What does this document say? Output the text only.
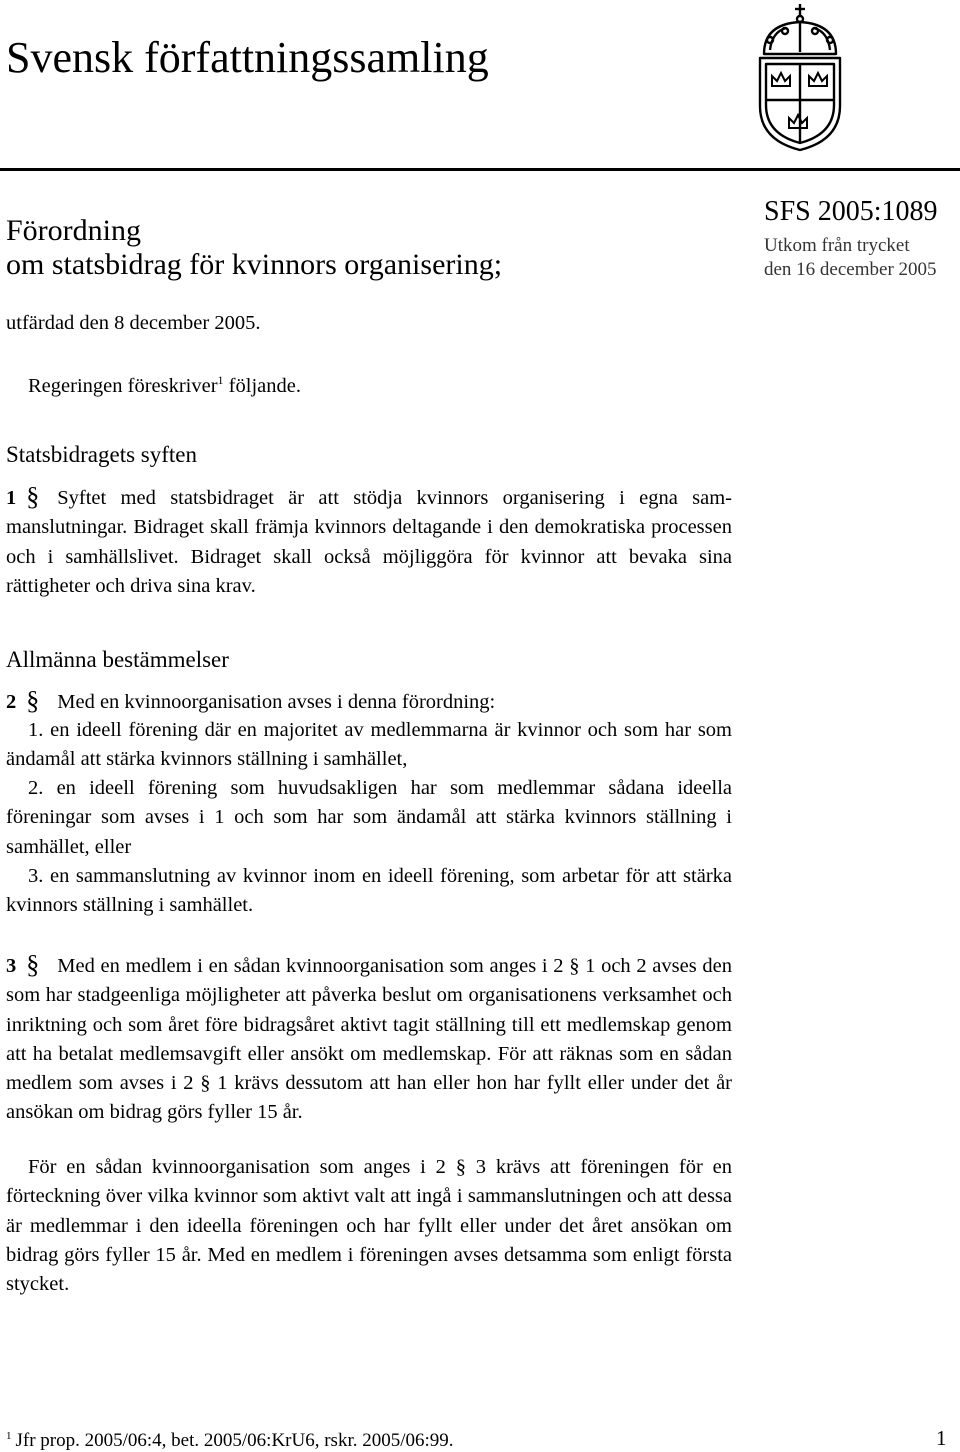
Svensk författningssamling
Förordning
om statsbidrag för kvinnors organisering;
SFS 2005:1089
Utkom från trycket
den 16 december 2005
utfärdad den 8 december 2005.
Regeringen föreskriver$^1$ följande.
Statsbidragets syften
1 § Syftet med statsbidraget är att stödja kvinnors organisering i egna sammanslutningar. Bidraget skall främja kvinnors deltagande i den demokratiska processen och i samhällslivet. Bidraget skall också möjliggöra för kvinnor att bevaka sina rättigheter och driva sina krav.
Allmänna bestämmelser
2 § Med en kvinnoorganisation avses i denna förordning:
1. en ideell förening där en majoritet av medlemmarna är kvinnor och som har som ändamål att stärka kvinnors ställning i samhället,
2. en ideell förening som huvudsakligen har som medlemmar sådana ideella föreningar som avses i 1 och som har som ändamål att stärka kvinnors ställning i samhället, eller
3. en sammanslutning av kvinnor inom en ideell förening, som arbetar för att stärka kvinnors ställning i samhället.
3 § Med en medlem i en sådan kvinnoorganisation som anges i 2 § 1 och 2 avses den som har stadgeenliga möjligheter att påverka beslut om organisationens verksamhet och inriktning och som året före bidragsåret aktivt tagit ställning till ett medlemskap genom att ha betalat medlemsavgift eller ansökt om medlemskap. För att räknas som en sådan medlem som avses i 2 § 1 krävs dessutom att han eller hon har fyllt eller under det år ansökan om bidrag görs fyller 15 år.
För en sådan kvinnoorganisation som anges i 2 § 3 krävs att föreningen för en förteckning över vilka kvinnor som aktivt valt att ingå i sammanslutningen och att dessa är medlemmar i den ideella föreningen och har fyllt eller under det året ansökan om bidrag görs fyller 15 år. Med en medlem i föreningen avses detsamma som enligt första stycket.
$^1$ Jfr prop. 2005/06:4, bet. 2005/06:KrU6, rskr. 2005/06:99.	1
